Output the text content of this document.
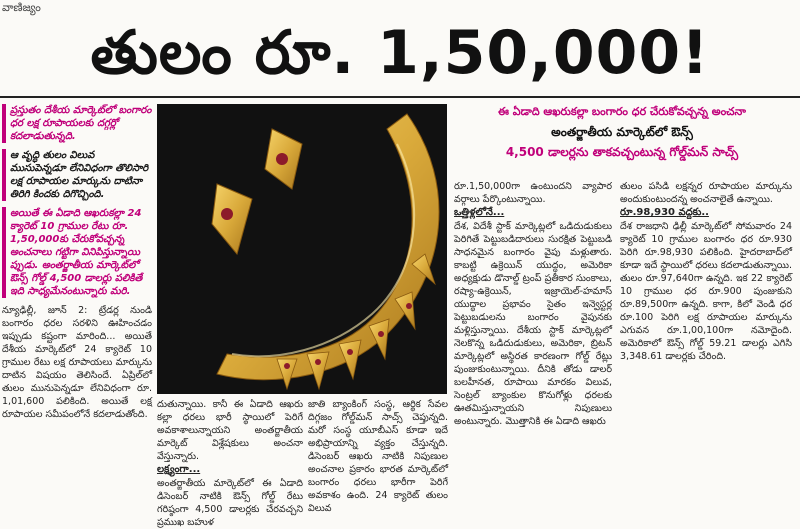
వాణిజ్యం
తులం రూ. 1,50,000!
ప్రస్తుతం దేశీయ మార్కెట్‌లో బంగారం ధర లక్ష రూపాయలకు దగ్గర్లో కదలాడుతున్నది.
ఆ వృద్ధి తులం విలువ ముసుపెన్నడూ లేనివిధంగా తొలిసారి లక్ష రూపాయల మార్కును దాటినా తిరిగి కిందకు దిగొచ్చింది.
అయితే ఈ ఏడాది ఆఖరుకల్లా 24 క్యారెట్ 10 గ్రాముల రేటు రూ. 1,50,000కు చేరుకోవచ్చన్న అంచనాలు గట్టిగా వినిపిస్తున్నాయి ప్పుడు. అంతర్జాతీయ మార్కెట్‌లో ఔన్స్ గోల్డ్ 4,500 డాలర్లు పలికితే ఇది సాధ్యమేనంటున్నారు మరి.
న్యూఢిల్లీ, జూన్ 2: ట్రేడర్ల నుండి బంగారం ధరల సరళిని ఊహించడం ఇప్పుడు కష్టంగా మారింది... అయితే దేశీయ మార్కెట్‌లో 24 క్యారెట్ 10 గ్రాముల రేటు లక్ష రూపాయలు మార్కును దాటిన విషయం తెలిసిందే. ఏప్రిల్‌లో తులం మునుపెన్నడూ లేనివిధంగా రూ. 1,01,600 పలికింది. అయితే లక్ష రూపాయల సమీపంలోనే కదలాడుతోంది.
ఈ ఏడాది ఆఖరుకల్లా బంగారం ధర చేరుకోవచ్చన్న అంచనా
అంతర్జాతీయ మార్కెట్‌లో ఔన్స్
4,500 డాలర్లను తాకవచ్చంటున్న గోల్డ్‌మన్ సాచ్స్
దుతున్నాయి. కానీ ఈ ఏడాది ఆఖరు కల్లా ధరలు భారీ స్థాయిలో పెరిగే అవకాశాలున్నాయని అంతర్జాతీయ మార్కెట్ విశ్లేషకులు అంచనా వేస్తున్నారు.
లక్ష్యంగా...
అంతర్జాతీయ మార్కెట్‌లో ఈ ఏడాది డిసెంబర్ నాటికి ఔన్స్ గోల్డ్ రేటు గరిష్ఠంగా 4,500 డాలర్లకు చేరవచ్చని ప్రముఖ బహుళ
జాతి బ్యాంకింగ్ సంస్థ, ఆర్థిక సేవల దిగ్గజం గోల్డ్‌మన్ సాచ్స్ చెప్తున్నది. మరో సంస్థ యూబీఎస్ కూడా ఇదే అభిప్రాయాన్ని వ్యక్తం చేస్తున్నది. డిసెంబర్ ఆఖరు నాటికి నిపుణుల అంచనాల ప్రకారం భారత మార్కెట్‌లో బంగారం ధరలు భారీగా పెరిగే అవకాశం ఉంది. 24 క్యారెట్ తులం విలువ
రూ.1,50,000గా ఉంటుందని వ్యాపార వర్గాలు పేర్కొంటున్నాయి.
ఒత్తిళ్లలోనే...
దేశ, విదేశీ స్టాక్ మార్కెట్లలో ఒడిదుడుకులు పెరిగితే పెట్టుబడిదారులు సురక్షిత పెట్టుబడి సాధనమైన బంగారం వైపు మళ్లుతారు. కాబట్టి ఉక్రెయిన్ యుద్ధం, అమెరికా అధ్యక్షుడు డొనాల్డ్ ట్రంప్ ప్రతీకార సుంకాలు, రష్యా-ఉక్రెయిన్, ఇజ్రాయెల్-హమాస్ యుద్ధాల ప్రభావం సైతం ఇన్వెస్టర్ల పెట్టుబడులను బంగారం వైపునకు మళ్లిస్తున్నాయి. దేశీయ స్టాక్ మార్కెట్లలో నెలకొన్న ఒడిదుడుకులు, అమెరికా, బ్రిటన్ మార్కెట్లలో అస్థిరత కారణంగా గోల్డ్ రేట్లు పుంజుకుంటున్నాయి. దీనికి తోడు డాలర్ బలహీనత, రూపాయి మారకం విలువ, సెంట్రల్ బ్యాంకుల కొనుగోళ్లు ధరలకు ఊతమిస్తున్నాయని నిపుణులు అంటున్నారు. మొత్తానికి ఈ ఏడాది ఆఖరు
తులం పసిడి లక్షన్నర రూపాయల మార్కును అందుకుంటుందన్న అంచనాలైతే ఉన్నాయి.
రూ.98,930 వద్దకు..
దేశ రాజధాని ఢిల్లీ మార్కెట్‌లో సోమవారం 24 క్యారెట్ 10 గ్రాముల బంగారం ధర రూ.930 పెరిగి రూ.98,930 పలికింది. హైదరాబాద్‌లో కూడా ఇదే స్థాయిలో ధరలు కదలాడుతున్నాయి. తులం రూ.97,640గా ఉన్నది. ఇక 22 క్యారెట్ 10 గ్రాముల ధర రూ.900 పుంజుకుని రూ.89,500గా ఉన్నది. కాగా, కిలో వెండి ధర రూ.100 పెరిగి లక్ష రూపాయల మార్కును ఎగువన రూ.1,00,100గా నమోదైంది. అమెరికాలో ఔన్స్ గోల్డ్ 59.21 డాలర్లు ఎగిసి 3,348.61 డాలర్లకు చేరింది.
